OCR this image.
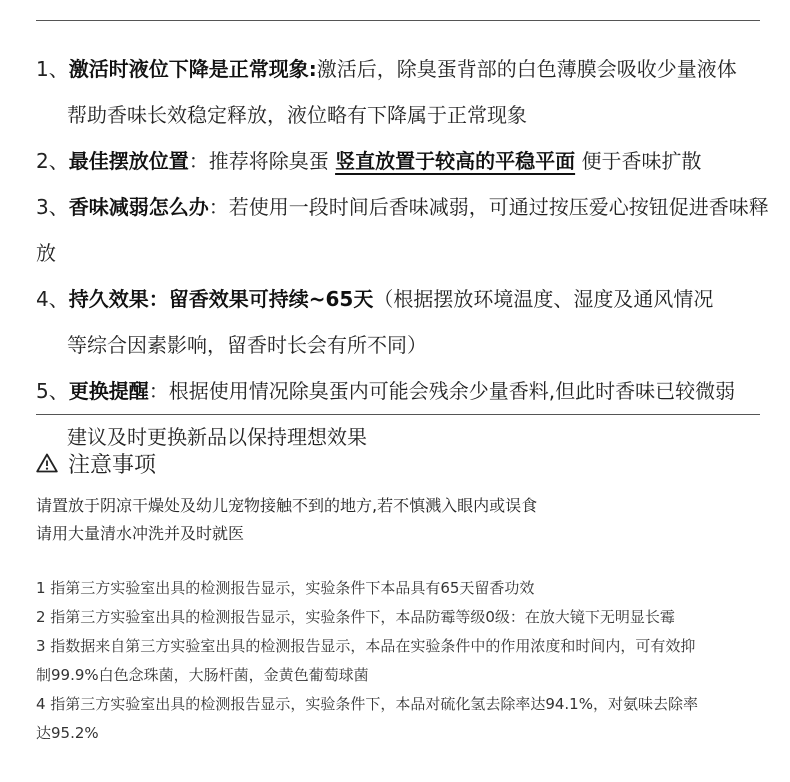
1、激活时液位下降是正常现象:激活后，除臭蛋背部的白色薄膜会吸收少量液体
帮助香味长效稳定释放，液位略有下降属于正常现象
2、最佳摆放位置：推荐将除臭蛋 竖直放置于较高的平稳平面 便于香味扩散
3、香味减弱怎么办：若使用一段时间后香味减弱，可通过按压爱心按钮促进香味释放
4、持久效果：留香效果可持续~65天（根据摆放环境温度、湿度及通风情况
等综合因素影响，留香时长会有所不同）
5、更换提醒：根据使用情况除臭蛋内可能会残余少量香料,但此时香味已较微弱
建议及时更换新品以保持理想效果
注意事项
请置放于阴凉干燥处及幼儿宠物接触不到的地方,若不慎溅入眼内或误食
请用大量清水冲洗并及时就医
1 指第三方实验室出具的检测报告显示，实验条件下本品具有65天留香功效
2 指第三方实验室出具的检测报告显示，实验条件下，本品防霉等级0级：在放大镜下无明显长霉
3 指数据来自第三方实验室出具的检测报告显示，本品在实验条件中的作用浓度和时间内，可有效抑
制99.9%白色念珠菌，大肠杆菌，金黄色葡萄球菌
4 指第三方实验室出具的检测报告显示，实验条件下，本品对硫化氢去除率达94.1%，对氨味去除率
达95.2%
